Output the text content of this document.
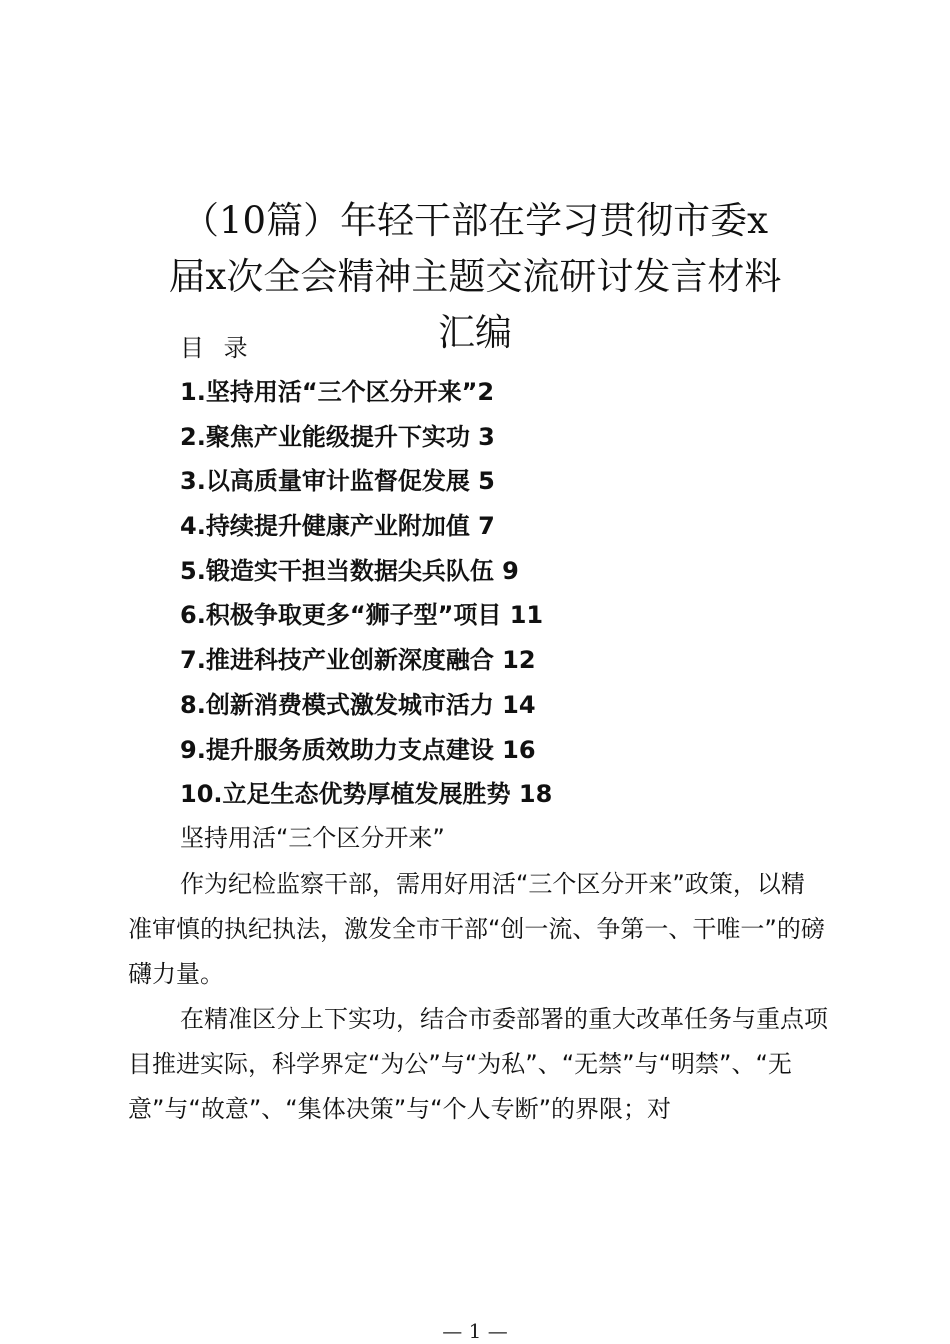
（10篇）年轻干部在学习贯彻市委x
届x次全会精神主题交流研讨发言材料
汇编
目 录
1.坚持用活“三个区分开来”2
2.聚焦产业能级提升下实功 3
3.以高质量审计监督促发展 5
4.持续提升健康产业附加值 7
5.锻造实干担当数据尖兵队伍 9
6.积极争取更多“狮子型”项目 11
7.推进科技产业创新深度融合 12
8.创新消费模式激发城市活力 14
9.提升服务质效助力支点建设 16
10.立足生态优势厚植发展胜势 18
坚持用活“三个区分开来”

作为纪检监察干部，需用好用活“三个区分开来”政策，以精准审慎的执纪执法，激发全市干部“创一流、争第一、干唯一”的磅礴力量。

在精准区分上下实功，结合市委部署的重大改革任务与重点项目推进实际，科学界定“为公”与“为私”、“无禁”与“明禁”、“无意”与“故意”、“集体决策”与“个人专断”的界限；对

— 1 —
